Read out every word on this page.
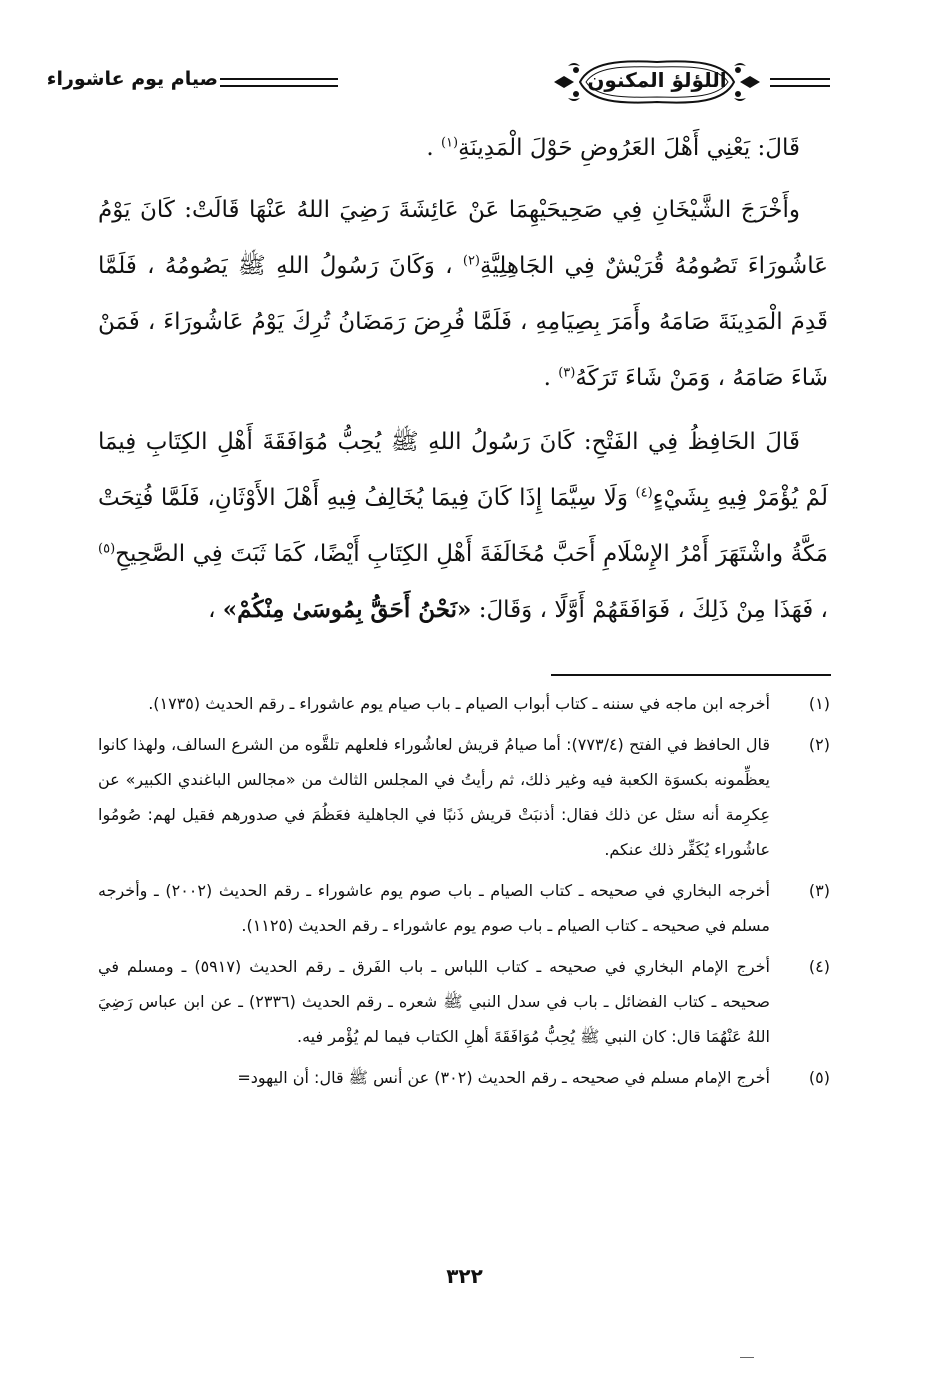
اللؤلؤ المكنون
صيام يوم عاشوراء

قَالَ: يَعْنِي أَهْلَ العَرُوضِ حَوْلَ الْمَدِينَةِ$^{(١)}$ .

وأَخْرَجَ الشَّيْخَانِ فِي صَحِيحَيْهِمَا عَنْ عَائِشَةَ رَضِيَ اللهُ عَنْهَا قَالَتْ: كَانَ يَوْمُ عَاشُورَاءَ تَصُومُهُ قُرَيْشٌ فِي الجَاهِلِيَّةِ$^{(٢)}$ ، وَكَانَ رَسُولُ اللهِ ﷺ يَصُومُهُ ، فَلَمَّا قَدِمَ الْمَدِينَةَ صَامَهُ وأَمَرَ بِصِيَامِهِ ، فَلَمَّا فُرِضَ رَمَضَانُ تُرِكَ يَوْمُ عَاشُورَاءَ ، فَمَنْ شَاءَ صَامَهُ ، وَمَنْ شَاءَ تَرَكَهُ$^{(٣)}$ .

قَالَ الحَافِظُ فِي الفَتْحِ: كَانَ رَسُولُ اللهِ ﷺ يُحِبُّ مُوَافَقَةَ أَهْلِ الكِتَابِ فِيمَا لَمْ يُؤْمَرْ فِيهِ بِشَيْءٍ$^{(٤)}$ وَلَا سِيَّمَا إِذَا كَانَ فِيمَا يُخَالِفُ فِيهِ أَهْلَ الأَوْثَانِ، فَلَمَّا فُتِحَتْ مَكَّةُ واشْتَهَرَ أَمْرُ الإِسْلَامِ أَحَبَّ مُخَالَفَةَ أَهْلِ الكِتَابِ أَيْضًا، كَمَا ثَبَتَ فِي الصَّحِيحِ$^{(٥)}$ ، فَهَذَا مِنْ ذَلِكَ ، فَوَافَقَهُمْ أَوَّلًا ، وَقَالَ: «نَحْنُ أَحَقُّ بِمُوسَىٰ مِنْكُمْ» ،

(١)
أخرجه ابن ماجه في سننه ـ كتاب أبواب الصيام ـ باب صيام يوم عاشوراء ـ رقم الحديث (١٧٣٥).
(٢)
قال الحافظ في الفتح (٧٧٣/٤): أما صيامُ قريش لعاشُوراء فلعلهم تلقَّوه من الشرع السالف، ولهذا كانوا يعظِّمونه بكسوَة الكعبة فيه وغير ذلك، ثم رأيتُ في المجلس الثالث من «مجالس الباغندي الكبير» عن عِكرِمة أنه سئل عن ذلك فقال: أذنبَتْ قريش ذَنبًا في الجاهلية فعَظُمَ في صدورهم فقيل لهم: صُومُوا عاشُوراء يُكَفِّر ذلك عنكم.
(٣)
أخرجه البخاري في صحيحه ـ كتاب الصيام ـ باب صوم يوم عاشوراء ـ رقم الحديث (٢٠٠٢) ـ وأخرجه مسلم في صحيحه ـ كتاب الصيام ـ باب صوم يوم عاشوراء ـ رقم الحديث (١١٢٥).
(٤)
أخرج الإمام البخاري في صحيحه ـ كتاب اللباس ـ باب الفَرق ـ رقم الحديث (٥٩١٧) ـ ومسلم في صحيحه ـ كتاب الفضائل ـ باب في سدل النبي ﷺ شعره ـ رقم الحديث (٢٣٣٦) ـ عن ابن عباس رَضِيَ اللهُ عَنْهُمَا قال: كان النبي ﷺ يُحِبُّ مُوَافَقَةَ أهلِ الكتاب فيما لم يُؤْمر فيه.
(٥)
أخرج الإمام مسلم في صحيحه ـ رقم الحديث (٣٠٢) عن أنس ﷺ قال: أن اليهود=
٣٢٢
